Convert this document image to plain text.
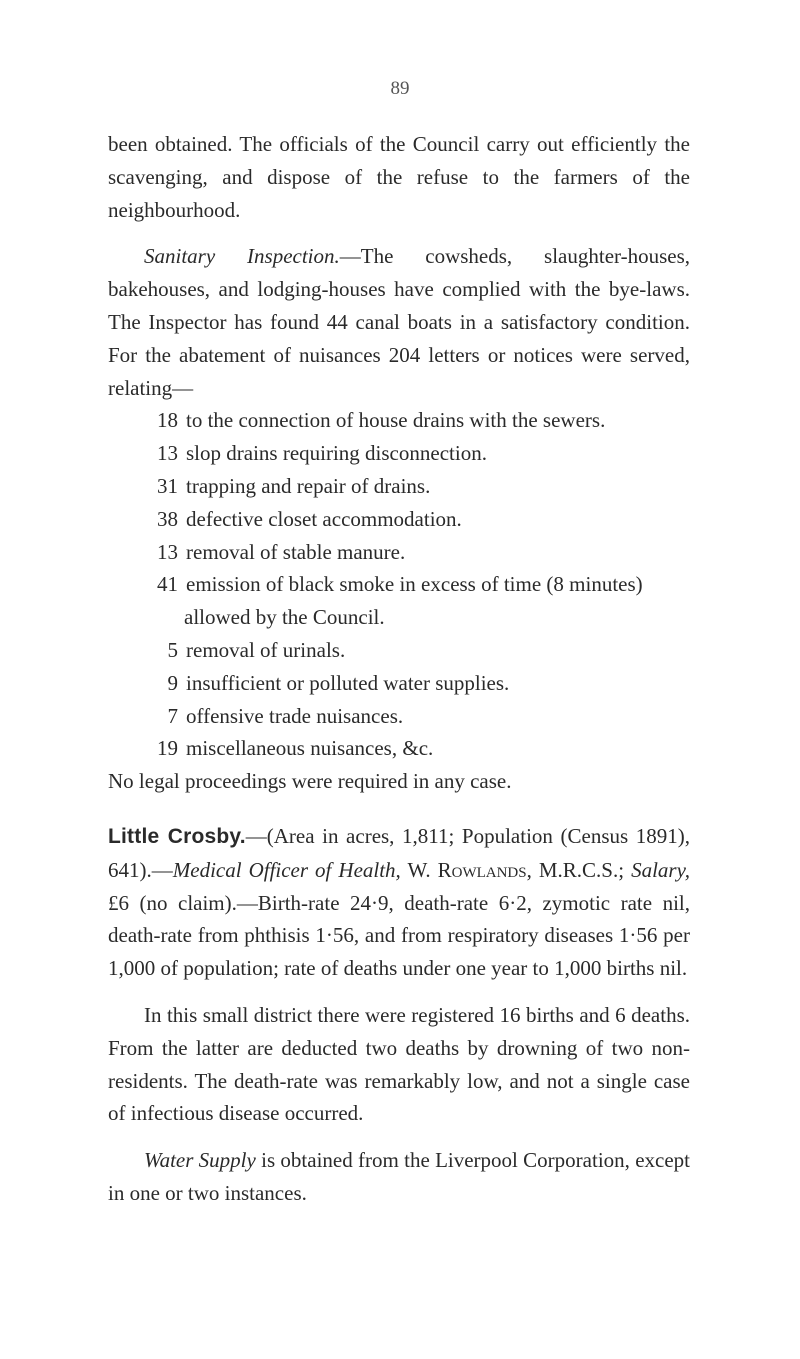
89

been obtained. The officials of the Council carry out efficiently the scavenging, and dispose of the refuse to the farmers of the neighbourhood.

Sanitary Inspection.—The cowsheds, slaughter-houses, bakehouses, and lodging-houses have complied with the bye-laws. The Inspector has found 44 canal boats in a satisfactory condition. For the abatement of nuisances 204 letters or notices were served, relating—

18 to the connection of house drains with the sewers.

13 slop drains requiring disconnection.

31 trapping and repair of drains.

38 defective closet accommodation.

13 removal of stable manure.

41 emission of black smoke in excess of time (8 minutes) allowed by the Council.

5 removal of urinals.

9 insufficient or polluted water supplies.

7 offensive trade nuisances.

19 miscellaneous nuisances, &c.

No legal proceedings were required in any case.

Little Crosby.—(Area in acres, 1,811; Population (Census 1891), 641).—Medical Officer of Health, W. Rowlands, M.R.C.S.; Salary, £6 (no claim).—Birth-rate 24·9, death-rate 6·2, zymotic rate nil, death-rate from phthisis 1·56, and from respiratory diseases 1·56 per 1,000 of population; rate of deaths under one year to 1,000 births nil.

In this small district there were registered 16 births and 6 deaths. From the latter are deducted two deaths by drowning of two non-residents. The death-rate was remarkably low, and not a single case of infectious disease occurred.

Water Supply is obtained from the Liverpool Corporation, except in one or two instances.
